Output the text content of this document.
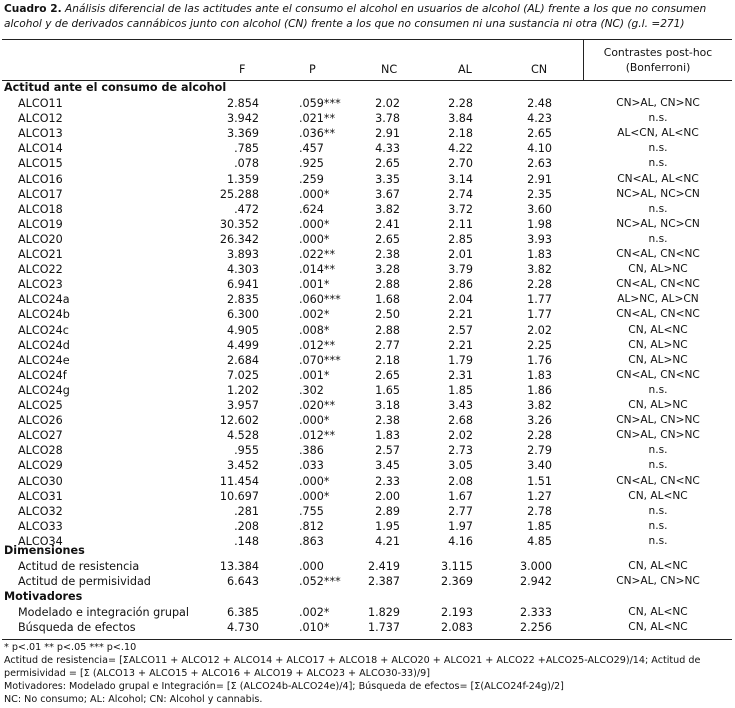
Cuadro 2. Análisis diferencial de las actitudes ante el consumo el alcohol en usuarios de alcohol (AL) frente a los que no consumen alcohol y de derivados cannábicos junto con alcohol (CN) frente a los que no consumen ni una sustancia ni otra (NC) (g.l. =271)
F	P	NC	AL	CN
Contrastes post-hoc
(Bonferroni)
Actitud ante el consumo de alcohol
ALCO11	2.854	.059***	2.02	2.28	2.48	CN>AL, CN>NC
ALCO12	3.942	.021**	3.78	3.84	4.23	n.s.
ALCO13	3.369	.036**	2.91	2.18	2.65	AL<CN, AL<NC
ALCO14	.785	.457	4.33	4.22	4.10	n.s.
ALCO15	.078	.925	2.65	2.70	2.63	n.s.
ALCO16	1.359	.259	3.35	3.14	2.91	CN<AL, AL<NC
ALCO17	25.288	.000*	3.67	2.74	2.35	NC>AL, NC>CN
ALCO18	.472	.624	3.82	3.72	3.60	n.s.
ALCO19	30.352	.000*	2.41	2.11	1.98	NC>AL, NC>CN
ALCO20	26.342	.000*	2.65	2.85	3.93	n.s.
ALCO21	3.893	.022**	2.38	2.01	1.83	CN<AL, CN<NC
ALCO22	4.303	.014**	3.28	3.79	3.82	CN, AL>NC
ALCO23	6.941	.001*	2.88	2.86	2.28	CN<AL, CN<NC
ALCO24a	2.835	.060***	1.68	2.04	1.77	AL>NC, AL>CN
ALCO24b	6.300	.002*	2.50	2.21	1.77	CN<AL, CN<NC
ALCO24c	4.905	.008*	2.88	2.57	2.02	CN, AL<NC
ALCO24d	4.499	.012**	2.77	2.21	2.25	CN, AL>NC
ALCO24e	2.684	.070***	2.18	1.79	1.76	CN, AL>NC
ALCO24f	7.025	.001*	2.65	2.31	1.83	CN<AL, CN<NC
ALCO24g	1.202	.302	1.65	1.85	1.86	n.s.
ALCO25	3.957	.020**	3.18	3.43	3.82	CN, AL>NC
ALCO26	12.602	.000*	2.38	2.68	3.26	CN>AL, CN>NC
ALCO27	4.528	.012**	1.83	2.02	2.28	CN>AL, CN>NC
ALCO28	.955	.386	2.57	2.73	2.79	n.s.
ALCO29	3.452	.033	3.45	3.05	3.40	n.s.
ALCO30	11.454	.000*	2.33	2.08	1.51	CN<AL, CN<NC
ALCO31	10.697	.000*	2.00	1.67	1.27	CN, AL<NC
ALCO32	.281	.755	2.89	2.77	2.78	n.s.
ALCO33	.208	.812	1.95	1.97	1.85	n.s.
ALCO34	.148	.863	4.21	4.16	4.85	n.s.
Dimensiones
Actitud de resistencia	13.384	.000	2.419	3.115	3.000	CN, AL<NC
Actitud de permisividad	6.643	.052*** 2.387	2.369	2.942	CN>AL, CN>NC
Motivadores
Modelado e integración grupal	6.385	.002*	1.829	2.193	2.333	CN, AL<NC
Búsqueda de efectos	4.730	.010*	1.737	2.083	2.256	CN, AL<NC
* p<.01 ** p<.05 *** p<.10
Actitud de resistencia= [ΣALCO11 + ALCO12 + ALCO14 + ALCO17 + ALCO18 + ALCO20 + ALCO21 + ALCO22 +ALCO25-ALCO29)/14; Actitud de
permisividad = [Σ (ALCO13 + ALCO15 + ALCO16 + ALCO19 + ALCO23 + ALCO30-33)/9]
Motivadores: Modelado grupal e Integración= [Σ (ALCO24b-ALCO24e)/4]; Búsqueda de efectos= [Σ(ALCO24f-24g)/2]
NC: No consumo; AL: Alcohol; CN: Alcohol y cannabis.
